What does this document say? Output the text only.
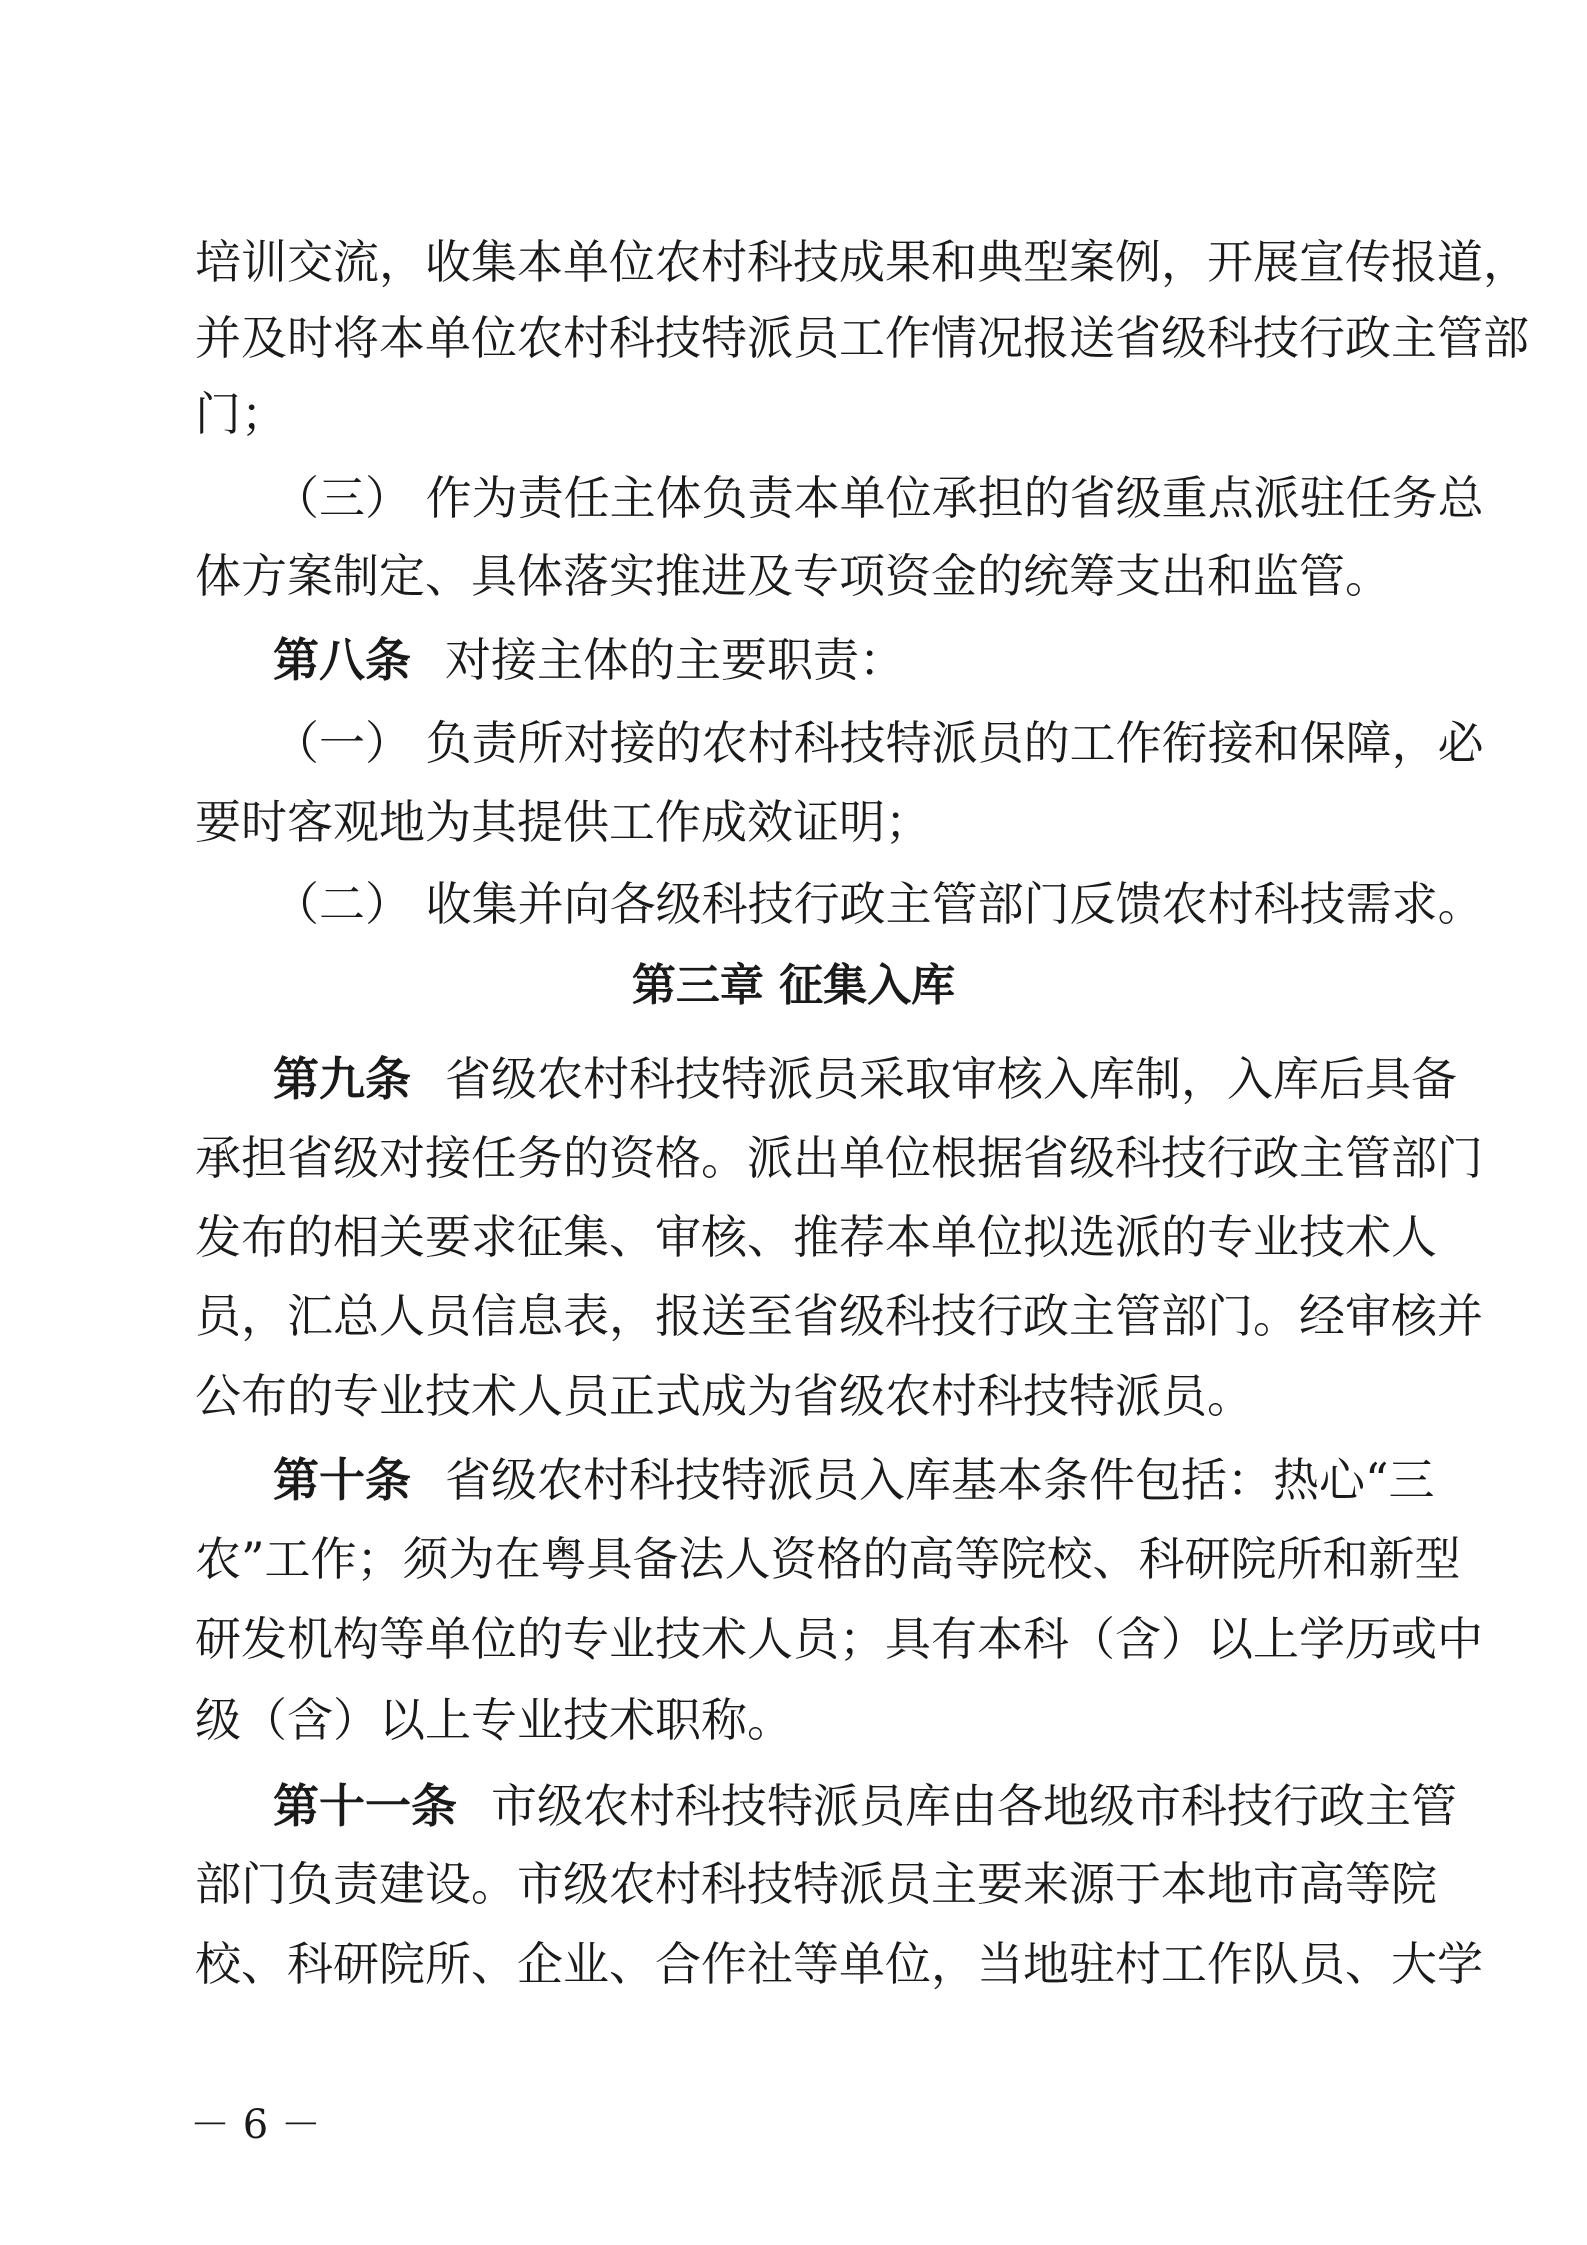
培训交流，收集本单位农村科技成果和典型案例，开展宣传报道，
并及时将本单位农村科技特派员工作情况报送省级科技行政主管部
门；
（三） 作为责任主体负责本单位承担的省级重点派驻任务总
体方案制定、具体落实推进及专项资金的统筹支出和监管。
第八条 对接主体的主要职责：
（一） 负责所对接的农村科技特派员的工作衔接和保障，必
要时客观地为其提供工作成效证明；
（二） 收集并向各级科技行政主管部门反馈农村科技需求。
第三章 征集入库
第九条 省级农村科技特派员采取审核入库制，入库后具备
承担省级对接任务的资格。派出单位根据省级科技行政主管部门
发布的相关要求征集、审核、推荐本单位拟选派的专业技术人
员，汇总人员信息表，报送至省级科技行政主管部门。经审核并
公布的专业技术人员正式成为省级农村科技特派员。
第十条 省级农村科技特派员入库基本条件包括：热心“三
农”工作；须为在粤具备法人资格的高等院校、科研院所和新型
研发机构等单位的专业技术人员；具有本科（含）以上学历或中
级（含）以上专业技术职称。
第十一条 市级农村科技特派员库由各地级市科技行政主管
部门负责建设。市级农村科技特派员主要来源于本地市高等院
校、科研院所、企业、合作社等单位，当地驻村工作队员、大学
－ 6 －
